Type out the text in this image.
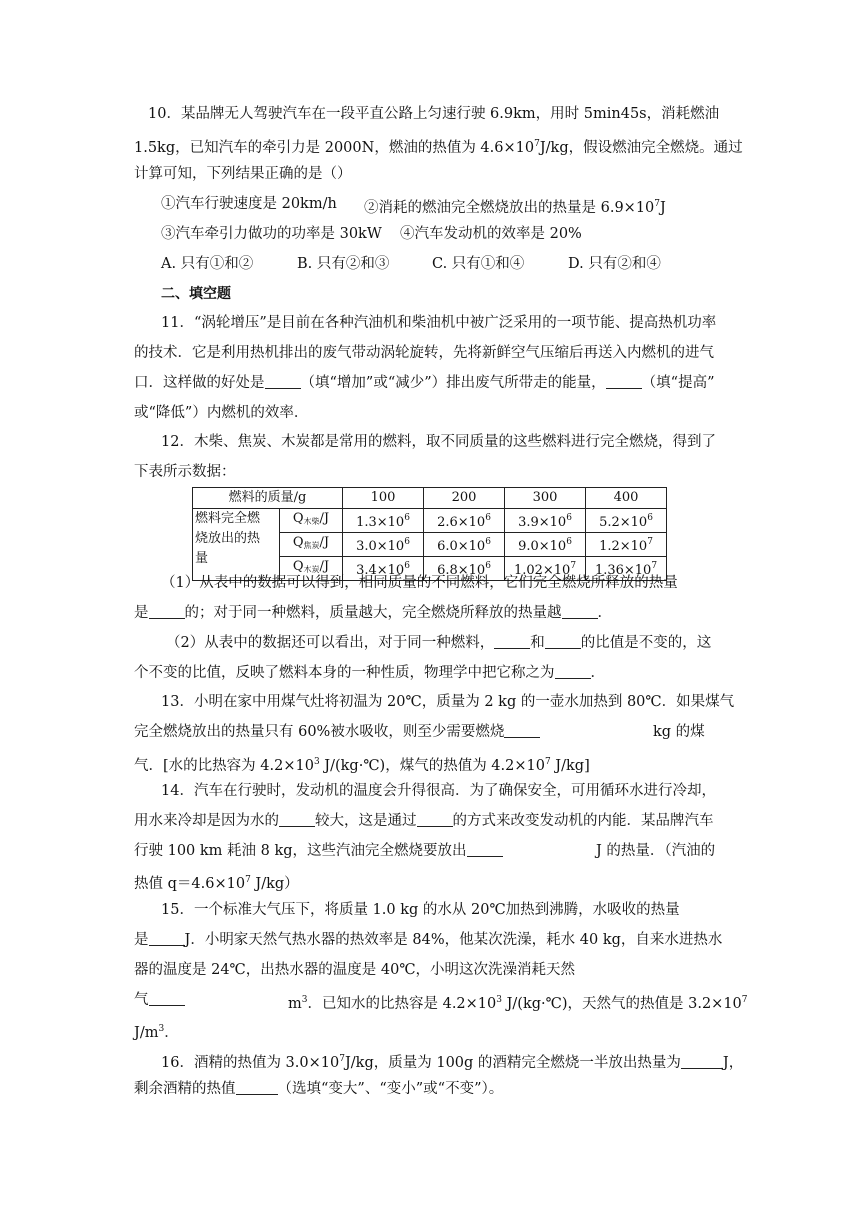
10．某品牌无人驾驶汽车在一段平直公路上匀速行驶 6.9km，用时 5min45s，消耗燃油
1.5kg，已知汽车的牵引力是 2000N，燃油的热值为 $4.6\times 10^7J/kg$，假设燃油完全燃烧。通过
计算可知，下列结果正确的是（）
①汽车行驶速度是 20km/h ②消耗的燃油完全燃烧放出的热量是 $6.9\times 10^7J$
③汽车牵引力做功的功率是 30kW ④汽车发动机的效率是 20%
A. 只有①和②	B. 只有②和③	C. 只有①和④	D. 只有②和④
二、填空题
11．“涡轮增压”是目前在各种汽油机和柴油机中被广泛采用的一项节能、提高热机功率
的技术．它是利用热机排出的废气带动涡轮旋转，先将新鲜空气压缩后再送入内燃机的进气
口．这样做的好处是 （填“增加”或“减少”）排出废气所带走的能量， （填“提高”
或“降低”）内燃机的效率．
12．木柴、焦炭、木炭都是常用的燃料，取不同质量的这些燃料进行完全燃烧，得到了
下表所示数据：
燃料的质量/g		100	200	300	400
燃料完全燃
烧放出的热
量	$Q_{木柴}/J$	$1.3\times 10^6$	$2.6\times 10^6$	$3.9\times 10^6$	$5.2\times 10^6$
	$Q_{焦炭}/J$	$3.0\times 10^6$	$6.0\times 10^6$	$9.0\times 10^6$	$1.2\times 10^7$
	$Q_{木炭}/J$	$3.4\times 10^6$	$6.8\times 10^6$	$1.02\times 10^7$	$1.36\times 10^7$
（1）从表中的数据可以得到，相同质量的不同燃料，它们完全燃烧所释放的热量
是 的；对于同一种燃料，质量越大，完全燃烧所释放的热量越 ．
（2）从表中的数据还可以看出，对于同一种燃料， 和 的比值是不变的，这
个不变的比值，反映了燃料本身的一种性质，物理学中把它称之为 ．
13．小明在家中用煤气灶将初温为 20℃，质量为 2 kg 的一壶水加热到 80℃．如果煤气
完全燃烧放出的热量只有 60%被水吸收，则至少需要燃烧	kg 的煤
气．[水的比热容为 $4.2\times 10^3$ J/(kg·℃)，煤气的热值为 $4.2\times 10^7$ J/kg]
14．汽车在行驶时，发动机的温度会升得很高．为了确保安全，可用循环水进行冷却，
用水来冷却是因为水的 较大，这是通过 的方式来改变发动机的内能．某品牌汽车
行驶 100 km 耗油 8 kg，这些汽油完全燃烧要放出	J 的热量．（汽油的
热值 $q=4.6\times 10^7$ J/kg）
15．一个标准大气压下，将质量 1.0 kg 的水从 20℃加热到沸腾，水吸收的热量
是 J．小明家天然气热水器的热效率是 84%，他某次洗澡，耗水 40 kg，自来水进热水
器的温度是 24℃，出热水器的温度是 40℃，小明这次洗澡消耗天然
气	$m^3$．已知水的比热容是 $4.2\times 10^3$ J/(kg·℃)，天然气的热值是 $3.2\times 10^7$
$J/m^3$．
16．酒精的热值为 $3.0\times 10^7J/kg$，质量为 100g 的酒精完全燃烧一半放出热量为	J，
剩余酒精的热值	（选填“变大”、“变小”或“不变”）。
